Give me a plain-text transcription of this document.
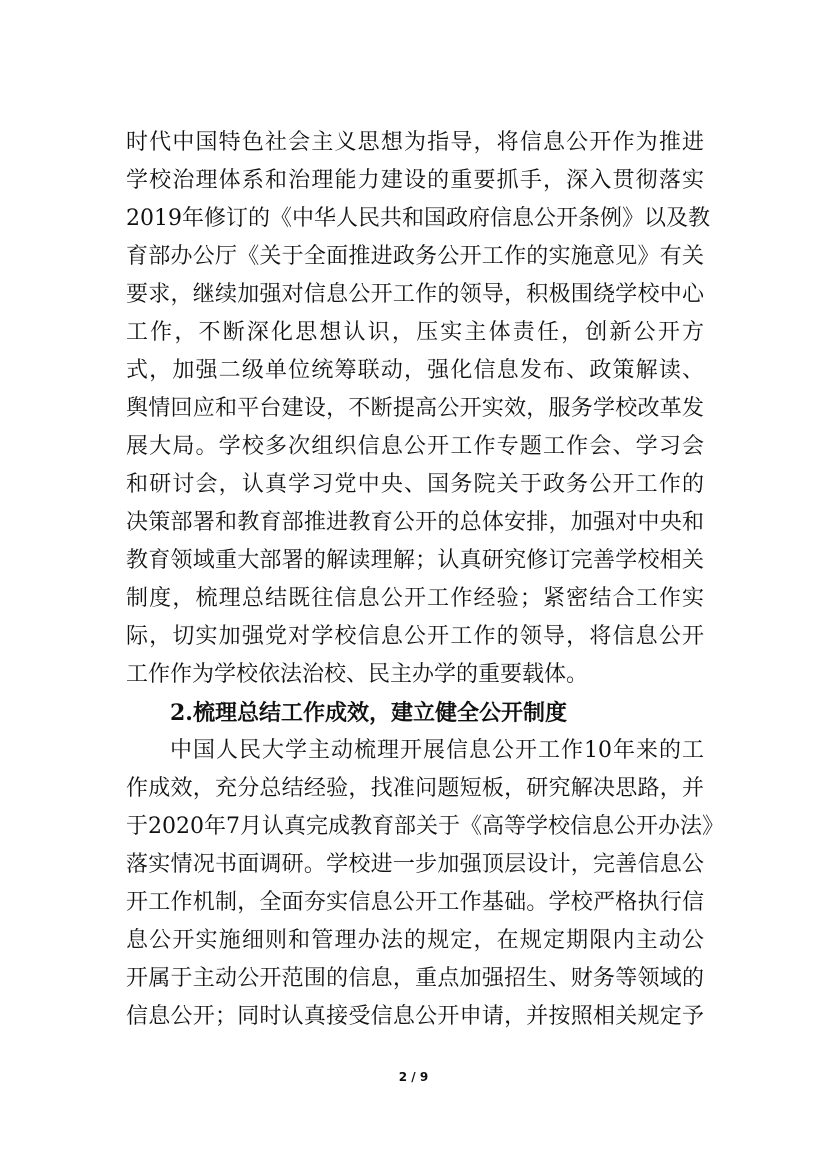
时代中国特色社会主义思想为指导，将信息公开作为推进
学校治理体系和治理能力建设的重要抓手，深入贯彻落实
2019年修订的《中华人民共和国政府信息公开条例》以及教
育部办公厅《关于全面推进政务公开工作的实施意见》有关
要求，继续加强对信息公开工作的领导，积极围绕学校中心
工作，不断深化思想认识，压实主体责任，创新公开方
式，加强二级单位统筹联动，强化信息发布、政策解读、
舆情回应和平台建设，不断提高公开实效，服务学校改革发
展大局。学校多次组织信息公开工作专题工作会、学习会
和研讨会，认真学习党中央、国务院关于政务公开工作的
决策部署和教育部推进教育公开的总体安排，加强对中央和
教育领域重大部署的解读理解；认真研究修订完善学校相关
制度，梳理总结既往信息公开工作经验；紧密结合工作实
际，切实加强党对学校信息公开工作的领导，将信息公开
工作作为学校依法治校、民主办学的重要载体。
2.梳理总结工作成效，建立健全公开制度
中国人民大学主动梳理开展信息公开工作10年来的工
作成效，充分总结经验，找准问题短板，研究解决思路，并
于2020年7月认真完成教育部关于《高等学校信息公开办法》
落实情况书面调研。学校进一步加强顶层设计，完善信息公
开工作机制，全面夯实信息公开工作基础。学校严格执行信
息公开实施细则和管理办法的规定，在规定期限内主动公
开属于主动公开范围的信息，重点加强招生、财务等领域的
信息公开；同时认真接受信息公开申请，并按照相关规定予
2 / 9
